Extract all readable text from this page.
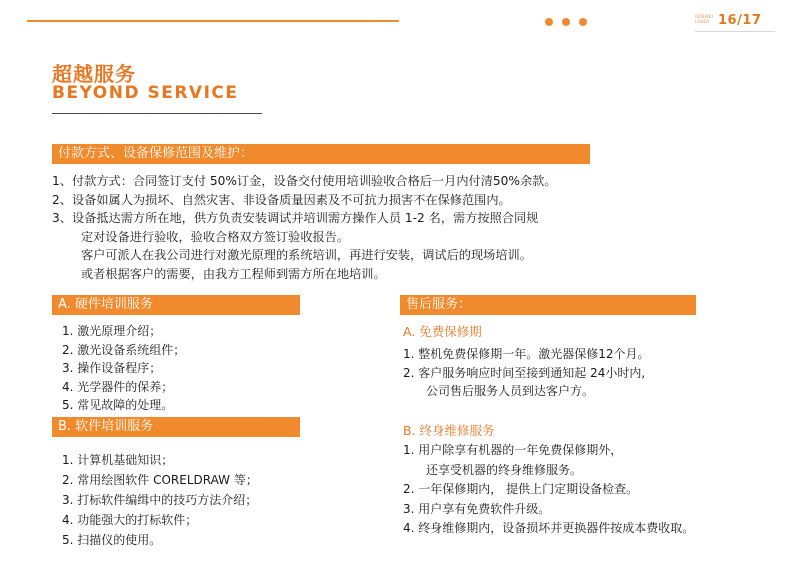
RENWEI
LASER 16/17
超越服务
BEYOND SERVICE
付款方式、设备保修范围及维护：
1、付款方式：合同签订支付 50%订金，设备交付使用培训验收合格后一月内付清50%余款。
2、设备如属人为损坏、自然灾害、非设备质量因素及不可抗力损害不在保修范围内。
3、设备抵达需方所在地，供方负责安装调试并培训需方操作人员 1-2 名，需方按照合同规
定对设备进行验收，验收合格双方签订验收报告。
客户可派人在我公司进行对激光原理的系统培训，再进行安装，调试后的现场培训。
或者根据客户的需要，由我方工程师到需方所在地培训。
A. 硬件培训服务
1. 激光原理介绍；
2. 激光设备系统组件；
3. 操作设备程序；
4. 光学器件的保养；
5. 常见故障的处理。
B. 软件培训服务
1. 计算机基础知识；
2. 常用绘图软件 CORELDRAW 等；
3. 打标软件编缉中的技巧方法介绍；
4. 功能强大的打标软件；
5. 扫描仪的使用。
售后服务：
A. 免费保修期
1. 整机免费保修期一年。激光器保修12个月。
2. 客户服务响应时间至接到通知起 24小时内,
公司售后服务人员到达客户方。
B. 终身维修服务
1. 用户除享有机器的一年免费保修期外，
还享受机器的终身维修服务。
2. 一年保修期内， 提供上门定期设备检查。
3. 用户享有免费软件升级。
4. 终身维修期内，设备损坏并更换器件按成本费收取。
